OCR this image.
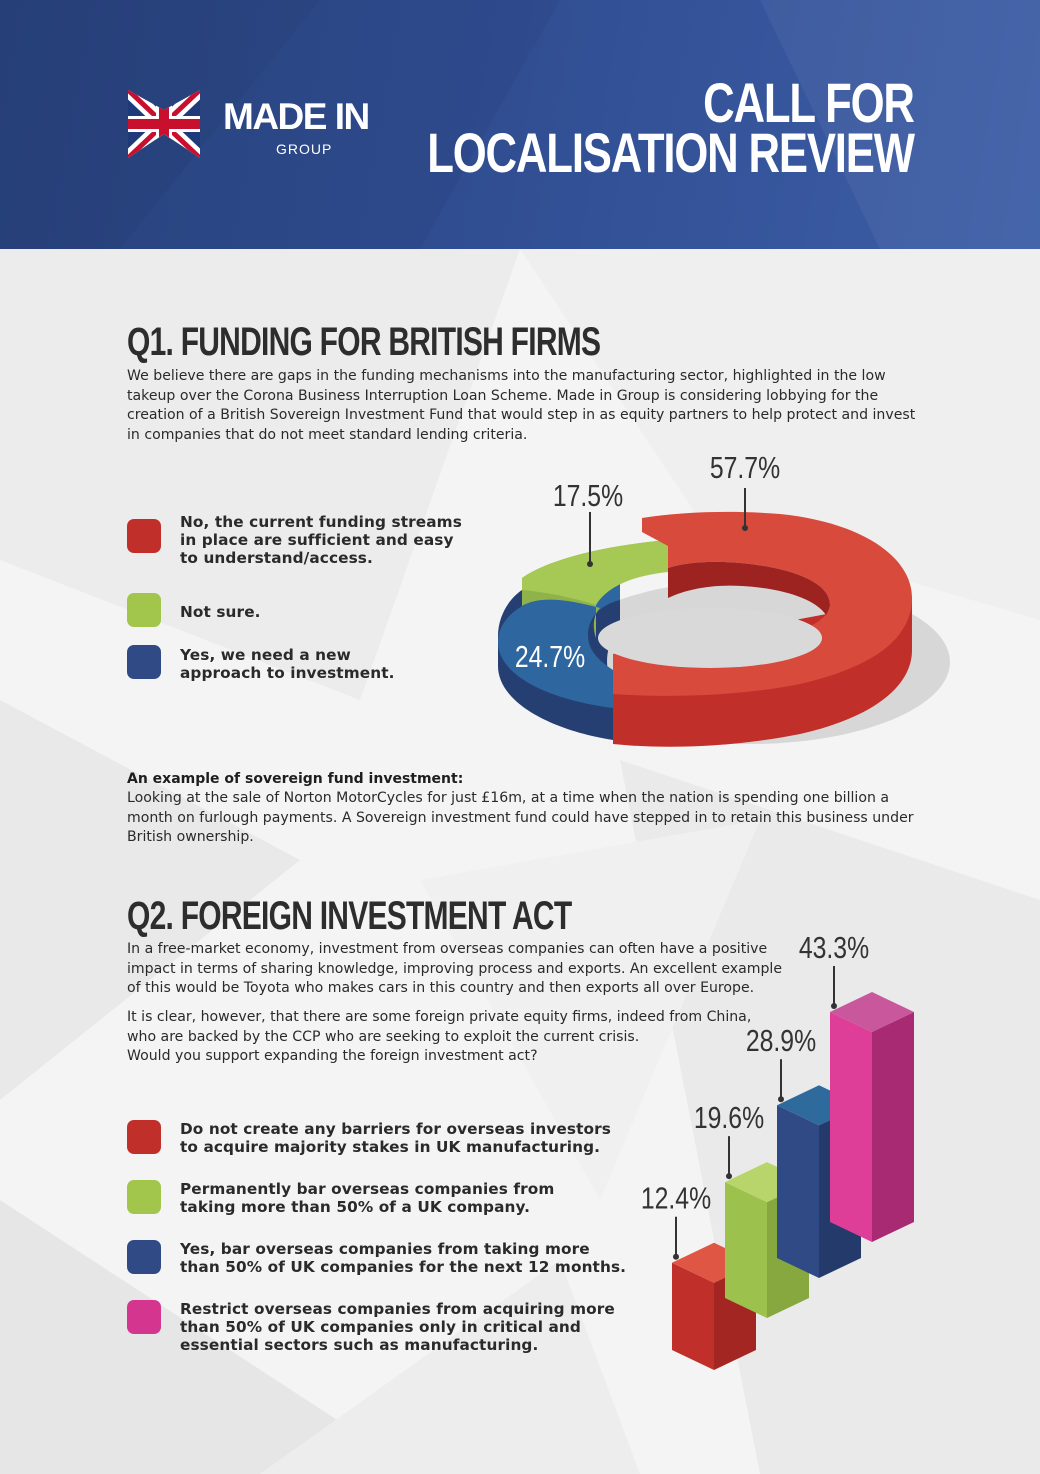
MADE IN
GROUP
CALL FOR
LOCALISATION REVIEW
Q1. FUNDING FOR BRITISH FIRMS

We believe there are gaps in the funding mechanisms into the manufacturing sector, highlighted in the low takeup over the Corona Business Interruption Loan Scheme. Made in Group is considering lobbying for the creation of a British Sovereign Investment Fund that would step in as equity partners to help protect and invest in companies that do not meet standard lending criteria.

No, the current funding streams
in place are sufficient and easy
to understand/access.
Not sure.
Yes, we need a new
approach to investment.
17.5%
57.7%
24.7%

An example of sovereign fund investment:

Looking at the sale of Norton MotorCycles for just £16m, at a time when the nation is spending one billion a month on furlough payments. A Sovereign investment fund could have stepped in to retain this business under British ownership.

Q2. FOREIGN INVESTMENT ACT

In a free-market economy, investment from overseas companies can often have a positive impact in terms of sharing knowledge, improving process and exports. An excellent example of this would be Toyota who makes cars in this country and then exports all over Europe.

It is clear, however, that there are some foreign private equity firms, indeed from China, who are backed by the CCP who are seeking to exploit the current crisis.
Would you support expanding the foreign investment act?

Do not create any barriers for overseas investors
to acquire majority stakes in UK manufacturing.
Permanently bar overseas companies from
taking more than 50% of a UK company.
Yes, bar overseas companies from taking more
than 50% of UK companies for the next 12 months.
Restrict overseas companies from acquiring more
than 50% of UK companies only in critical and
essential sectors such as manufacturing.
12.4%
19.6%
28.9%
43.3%
